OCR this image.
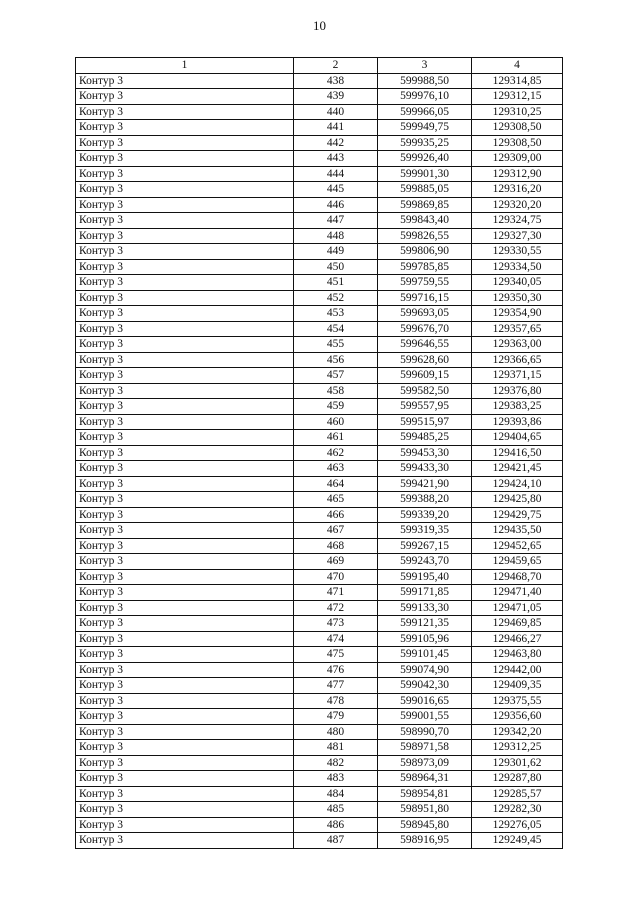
10
1	2	3	4
Контур 3	438	599988,50	129314,85
Контур 3	439	599976,10	129312,15
Контур 3	440	599966,05	129310,25
Контур 3	441	599949,75	129308,50
Контур 3	442	599935,25	129308,50
Контур 3	443	599926,40	129309,00
Контур 3	444	599901,30	129312,90
Контур 3	445	599885,05	129316,20
Контур 3	446	599869,85	129320,20
Контур 3	447	599843,40	129324,75
Контур 3	448	599826,55	129327,30
Контур 3	449	599806,90	129330,55
Контур 3	450	599785,85	129334,50
Контур 3	451	599759,55	129340,05
Контур 3	452	599716,15	129350,30
Контур 3	453	599693,05	129354,90
Контур 3	454	599676,70	129357,65
Контур 3	455	599646,55	129363,00
Контур 3	456	599628,60	129366,65
Контур 3	457	599609,15	129371,15
Контур 3	458	599582,50	129376,80
Контур 3	459	599557,95	129383,25
Контур 3	460	599515,97	129393,86
Контур 3	461	599485,25	129404,65
Контур 3	462	599453,30	129416,50
Контур 3	463	599433,30	129421,45
Контур 3	464	599421,90	129424,10
Контур 3	465	599388,20	129425,80
Контур 3	466	599339,20	129429,75
Контур 3	467	599319,35	129435,50
Контур 3	468	599267,15	129452,65
Контур 3	469	599243,70	129459,65
Контур 3	470	599195,40	129468,70
Контур 3	471	599171,85	129471,40
Контур 3	472	599133,30	129471,05
Контур 3	473	599121,35	129469,85
Контур 3	474	599105,96	129466,27
Контур 3	475	599101,45	129463,80
Контур 3	476	599074,90	129442,00
Контур 3	477	599042,30	129409,35
Контур 3	478	599016,65	129375,55
Контур 3	479	599001,55	129356,60
Контур 3	480	598990,70	129342,20
Контур 3	481	598971,58	129312,25
Контур 3	482	598973,09	129301,62
Контур 3	483	598964,31	129287,80
Контур 3	484	598954,81	129285,57
Контур 3	485	598951,80	129282,30
Контур 3	486	598945,80	129276,05
Контур 3	487	598916,95	129249,45
